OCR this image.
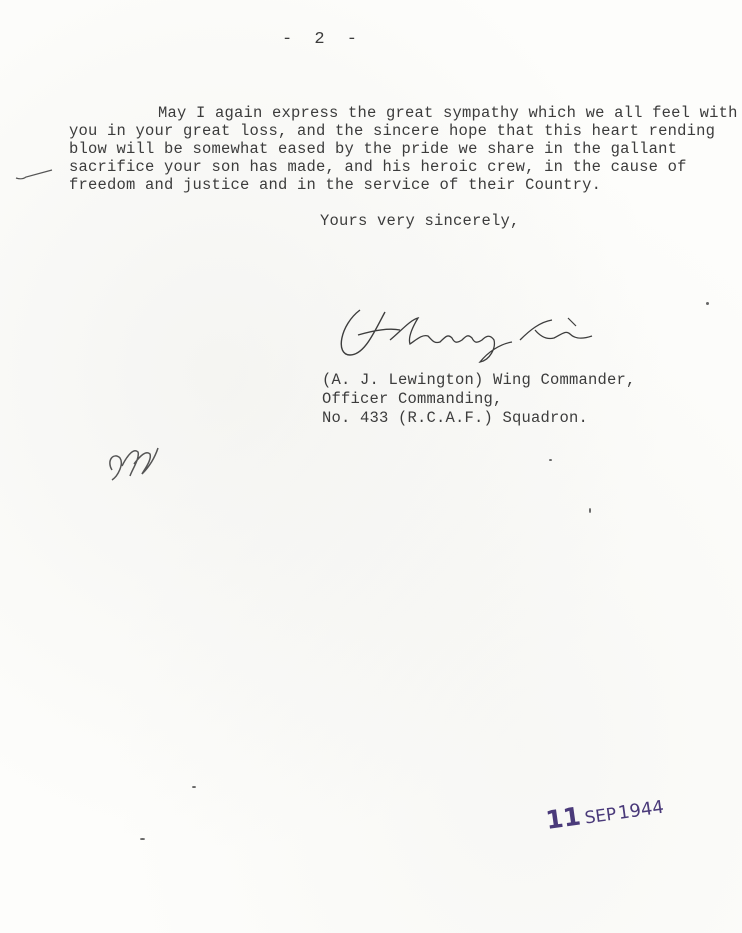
- 2 -
May I again express the great sympathy which we all feel with
you in your great loss, and the sincere hope that this heart rending
blow will be somewhat eased by the pride we share in the gallant
sacrifice your son has made, and his heroic crew, in the cause of
freedom and justice and in the service of their Country.
Yours very sincerely,
(A. J. Lewington) Wing Commander,
Officer Commanding,
No. 433 (R.C.A.F.) Squadron.
11SEP1944
